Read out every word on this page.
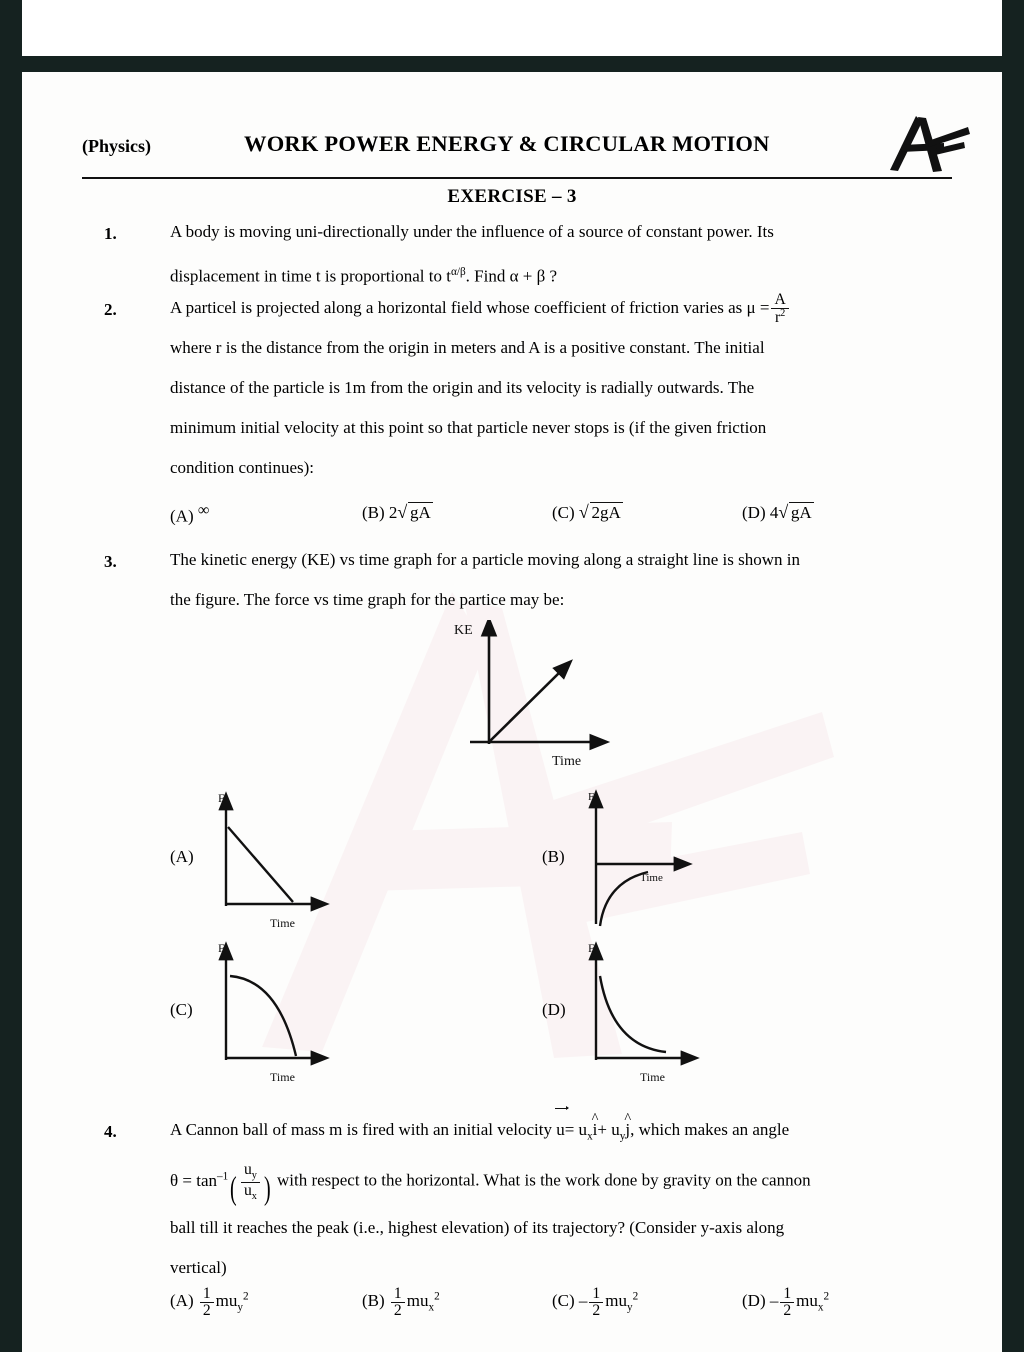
(Physics)	WORK POWER ENERGY & CIRCULAR MOTION
EXERCISE – 3
1.	A body is moving uni-directionally under the influence of a source of constant power. Its
displacement in time t is proportional to $t^{\alpha/\beta}$. Find α + β ?
2.	A particel is projected along a horizontal field whose coefficient of friction varies as $\mu = \frac{A}{r^2}$

where r is the distance from the origin in meters and A is a positive constant. The initial
distance of the particle is 1m from the origin and its velocity is radially outwards. The
minimum initial velocity at this point so that particle never stops is (if the given friction
condition continues):
(A) ∞	(B) 2 √ gA	(C) √ 2gA	(D) 4 √ gA
3.	The kinetic energy (KE) vs time graph for a particle moving along a straight line is shown in
the figure. The force vs time graph for the partice may be:
KE
Time
(A)
F
Time
(B)
F
Time
(C)
F
Time
(D)
F
Time
4.	A Cannon ball of mass m is fired with an initial velocity $u= u_xi$ ^+ $u_yj$ ^, which makes an angle
$\theta = \tan^{-1}( \frac{u_y}{u_x}$ ) with respect to the horizontal. What is the work done by gravity on the cannon
ball till it reaches the peak (i.e., highest elevation) of its trajectory? (Consider y-axis along
vertical)
$(A) \frac{1}{2} mu_y^2$	$(B) \frac{1}{2} mu_x^2$	$(C) - \frac{1}{2} mu_y^2$	$(D) - \frac{1}{2} mu_x^2$
